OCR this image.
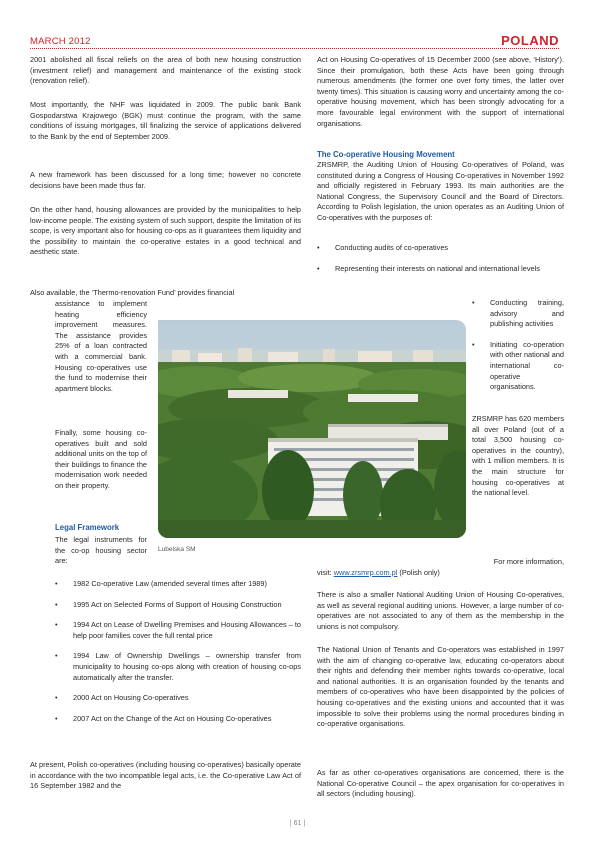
MARCH 2012	POLAND

2001 abolished all fiscal reliefs on the area of both new housing construction (investment relief) and management and maintenance of the existing stock (renovation relief).

Most importantly, the NHF was liquidated in 2009. The public bank Bank Gospodarstwa Krajowego (BGK) must continue the program, with the same conditions of issuing mortgages, till finalizing the service of applications delivered to the Bank by the end of September 2009.

A new framework has been discussed for a long time; however no concrete decisions have been made thus far.

On the other hand, housing allowances are provided by the municipalities to help low-income people. The existing system of such support, despite the limitation of its scope, is very important also for housing co-ops as it guarantees them liquidity and the possibility to maintain the co-operative estates in a good technical and aesthetic state.

Also available, the ‘Thermo-renovation Fund’ provides financial

assistance to implement heating efficiency improvement measures. The assistance provides 25% of a loan contracted with a commercial bank. Housing co-operatives use the fund to modernise their apartment blocks.

Finally, some housing co-operatives built and sold additional units on the top of their buildings to finance the modernisation work needed on their property.

Legal Framework

The legal instruments for the co-op housing sector are:

• 1982 Co-operative Law (amended several times after 1989)
• 1995 Act on Selected Forms of Support of Housing Construction
• 1994 Act on Lease of Dwelling Premises and Housing Allowances – to help poor families cover the full rental price
• 1994 Law of Ownership Dwellings – ownership transfer from municipality to housing co-ops along with creation of housing co-ops automatically after the transfer.
• 2000 Act on Housing Co-operatives
• 2007 Act on the Change of the Act on Housing Co-operatives

At present, Polish co-operatives (including housing co-operatives) basically operate in accordance with the two incompatible legal acts, i.e. the Co-operative Law Act of 16 September 1982 and the

Act on Housing Co-operatives of 15 December 2000 (see above, ‘History’). Since their promulgation, both these Acts have been going through numerous amendments (the former one over forty times, the latter over twenty times). This situation is causing worry and uncertainty among the co-operative housing movement, which has been strongly advocating for a more favourable legal environment with the support of international organisations.

The Co-operative Housing Movement

ZRSMRP, the Auditing Union of Housing Co-operatives of Poland, was constituted during a Congress of Housing Co-operatives in November 1992 and officially registered in February 1993. Its main authorities are the National Congress, the Supervisory Council and the Board of Directors. According to Polish legislation, the union operates as an Auditing Union of Co-operatives with the purposes of:

• Conducting audits of co-operatives
• Representing their interests on national and international levels
• Conducting training, advisory and publishing activities
• Initiating co-operation with other national and international co-operative organisations.

ZRSMRP has 620 members all over Poland (out of a total 3,500 housing co-operatives in the country), with 1 million members. It is the main structure for housing co-operatives at the national level.

For more information,

visit: www.zrsmrp.com.pl (Polish only)

There is also a smaller National Auditing Union of Housing Co-operatives, as well as several regional auditing unions. However, a large number of co-operatives are not associated to any of them as the membership in the unions is not compulsory.

The National Union of Tenants and Co-operators was established in 1997 with the aim of changing co-operative law, educating co-operators about their rights and defending their member rights towards co-operative, local and national authorities. It is an organisation founded by the tenants and members of co-operatives who have been disappointed by the policies of housing co-operatives and the existing unions and accounted that it was impossible to solve their problems using the normal procedures binding in co-operative organisations.

As far as other co-operatives organisations are concerned, there is the National Co-operative Council – the apex organisation for co-operatives in all sectors (including housing).

Lubelska SM
| 61 |
